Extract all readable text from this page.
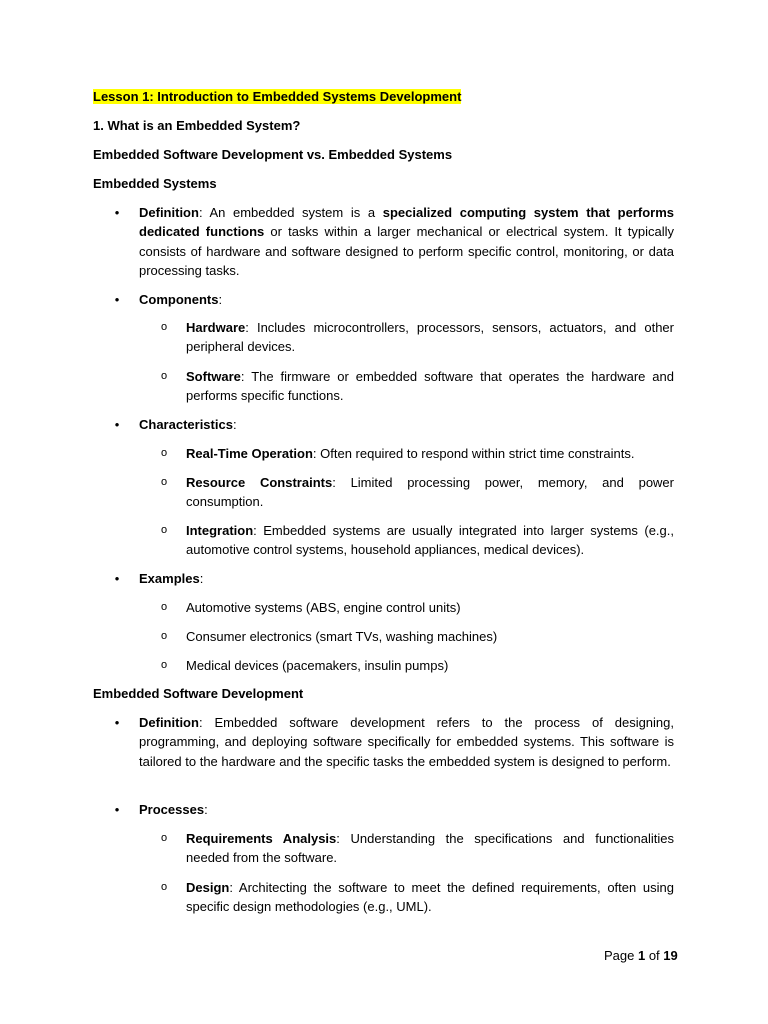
Lesson 1: Introduction to Embedded Systems Development
1. What is an Embedded System?
Embedded Software Development vs. Embedded Systems
Embedded Systems
• Definition: An embedded system is a specialized computing system that performs dedicated functions or tasks within a larger mechanical or electrical system. It typically consists of hardware and software designed to perform specific control, monitoring, or data processing tasks.
• Components:
o Hardware: Includes microcontrollers, processors, sensors, actuators, and other peripheral devices.
o Software: The firmware or embedded software that operates the hardware and performs specific functions.
• Characteristics:
o Real-Time Operation: Often required to respond within strict time constraints.
o Resource Constraints: Limited processing power, memory, and power consumption.
o Integration: Embedded systems are usually integrated into larger systems (e.g., automotive control systems, household appliances, medical devices).
• Examples:
o Automotive systems (ABS, engine control units)
o Consumer electronics (smart TVs, washing machines)
o Medical devices (pacemakers, insulin pumps)
Embedded Software Development
• Definition: Embedded software development refers to the process of designing, programming, and deploying software specifically for embedded systems. This software is tailored to the hardware and the specific tasks the embedded system is designed to perform.
• Processes:
o Requirements Analysis: Understanding the specifications and functionalities needed from the software.
o Design: Architecting the software to meet the defined requirements, often using specific design methodologies (e.g., UML).
Page 1 of 19
